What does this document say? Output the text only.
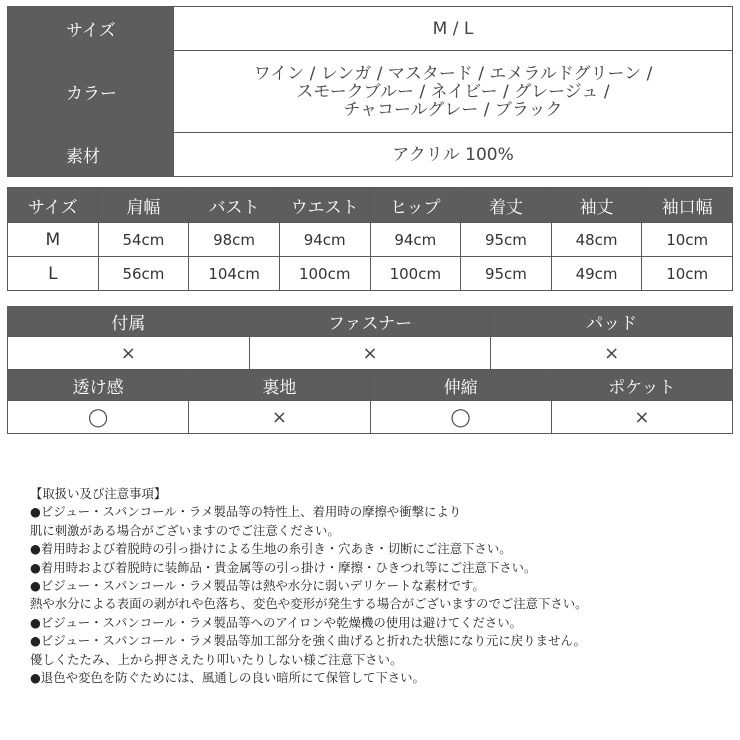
サイズ	M / L
カラー	ワイン / レンガ / マスタード / エメラルドグリーン /
スモークブルー / ネイビー / グレージュ /
チャコールグレー / ブラック

素材	アクリル 100%
サイズ	肩幅	バスト	ウエスト	ヒップ	着丈	袖丈	袖口幅
M	54cm	98cm	94cm	94cm	95cm	48cm	10cm
L	56cm	104cm	100cm	100cm	95cm	49cm	10cm
付属	ファスナー	パッド
×	×	×
透け感	裏地	伸縮	ポケット
◯	×	◯	×
【取扱い及び注意事項】
●ビジュー・スパンコール・ラメ製品等の特性上、着用時の摩擦や衝撃により
肌に刺激がある場合がございますのでご注意ください。
●着用時および着脱時の引っ掛けによる生地の糸引き・穴あき・切断にご注意下さい。
●着用時および着脱時に装飾品・貴金属等の引っ掛け・摩擦・ひきつれ等にご注意下さい。
●ビジュー・スパンコール・ラメ製品等は熱や水分に弱いデリケートな素材です。
熱や水分による表面の剥がれや色落ち、変色や変形が発生する場合がございますのでご注意下さい。
●ビジュー・スパンコール・ラメ製品等へのアイロンや乾燥機の使用は避けてください。
●ビジュー・スパンコール・ラメ製品等加工部分を強く曲げると折れた状態になり元に戻りません。
優しくたたみ、上から押さえたり叩いたりしない様ご注意下さい。
●退色や変色を防ぐためには、風通しの良い暗所にて保管して下さい。
